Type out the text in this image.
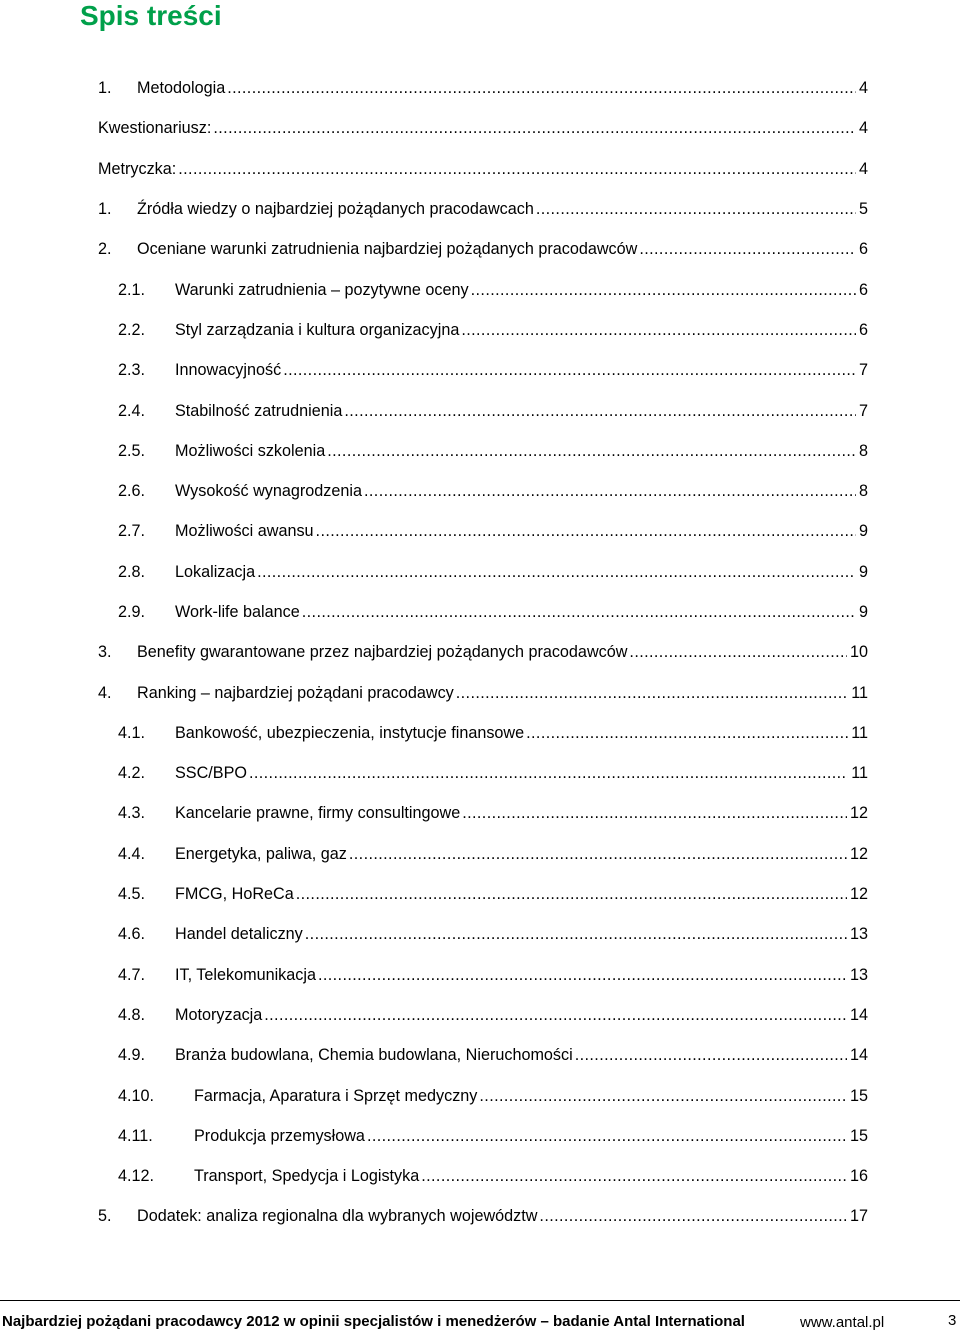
Spis treści
1.	Metodologia .....	4
Kwestionariusz: .....	4
Metryczka: .....	4
1.	Źródła wiedzy o najbardziej pożądanych pracodawcach .....	5
2.	Oceniane warunki zatrudnienia najbardziej pożądanych pracodawców .....	6
2.1.	Warunki zatrudnienia – pozytywne oceny .....	6
2.2.	Styl zarządzania i kultura organizacyjna .....	6
2.3.	Innowacyjność .....	7
2.4.	Stabilność zatrudnienia .....	7
2.5.	Możliwości szkolenia .....	8
2.6.	Wysokość wynagrodzenia .....	8
2.7.	Możliwości awansu .....	9
2.8.	Lokalizacja .....	9
2.9.	Work-life balance .....	9
3.	Benefity gwarantowane przez najbardziej pożądanych pracodawców .....	10
4.	Ranking – najbardziej pożądani pracodawcy .....	11
4.1.	Bankowość, ubezpieczenia, instytucje finansowe .....	11
4.2.	SSC/BPO .....	11
4.3.	Kancelarie prawne, firmy consultingowe .....	12
4.4.	Energetyka, paliwa, gaz .....	12
4.5.	FMCG, HoReCa .....	12
4.6.	Handel detaliczny .....	13
4.7.	IT, Telekomunikacja .....	13
4.8.	Motoryzacja .....	14
4.9.	Branża budowlana, Chemia budowlana, Nieruchomości .....	14
4.10.	Farmacja, Aparatura i Sprzęt medyczny .....	15
4.11.	Produkcja przemysłowa .....	15
4.12.	Transport, Spedycja i Logistyka .....	16
5.	Dodatek: analiza regionalna dla wybranych województw .....	17
Najbardziej pożądani pracodawcy 2012 w opinii specjalistów i menedżerów – badanie Antal International	www.antal.pl	3
